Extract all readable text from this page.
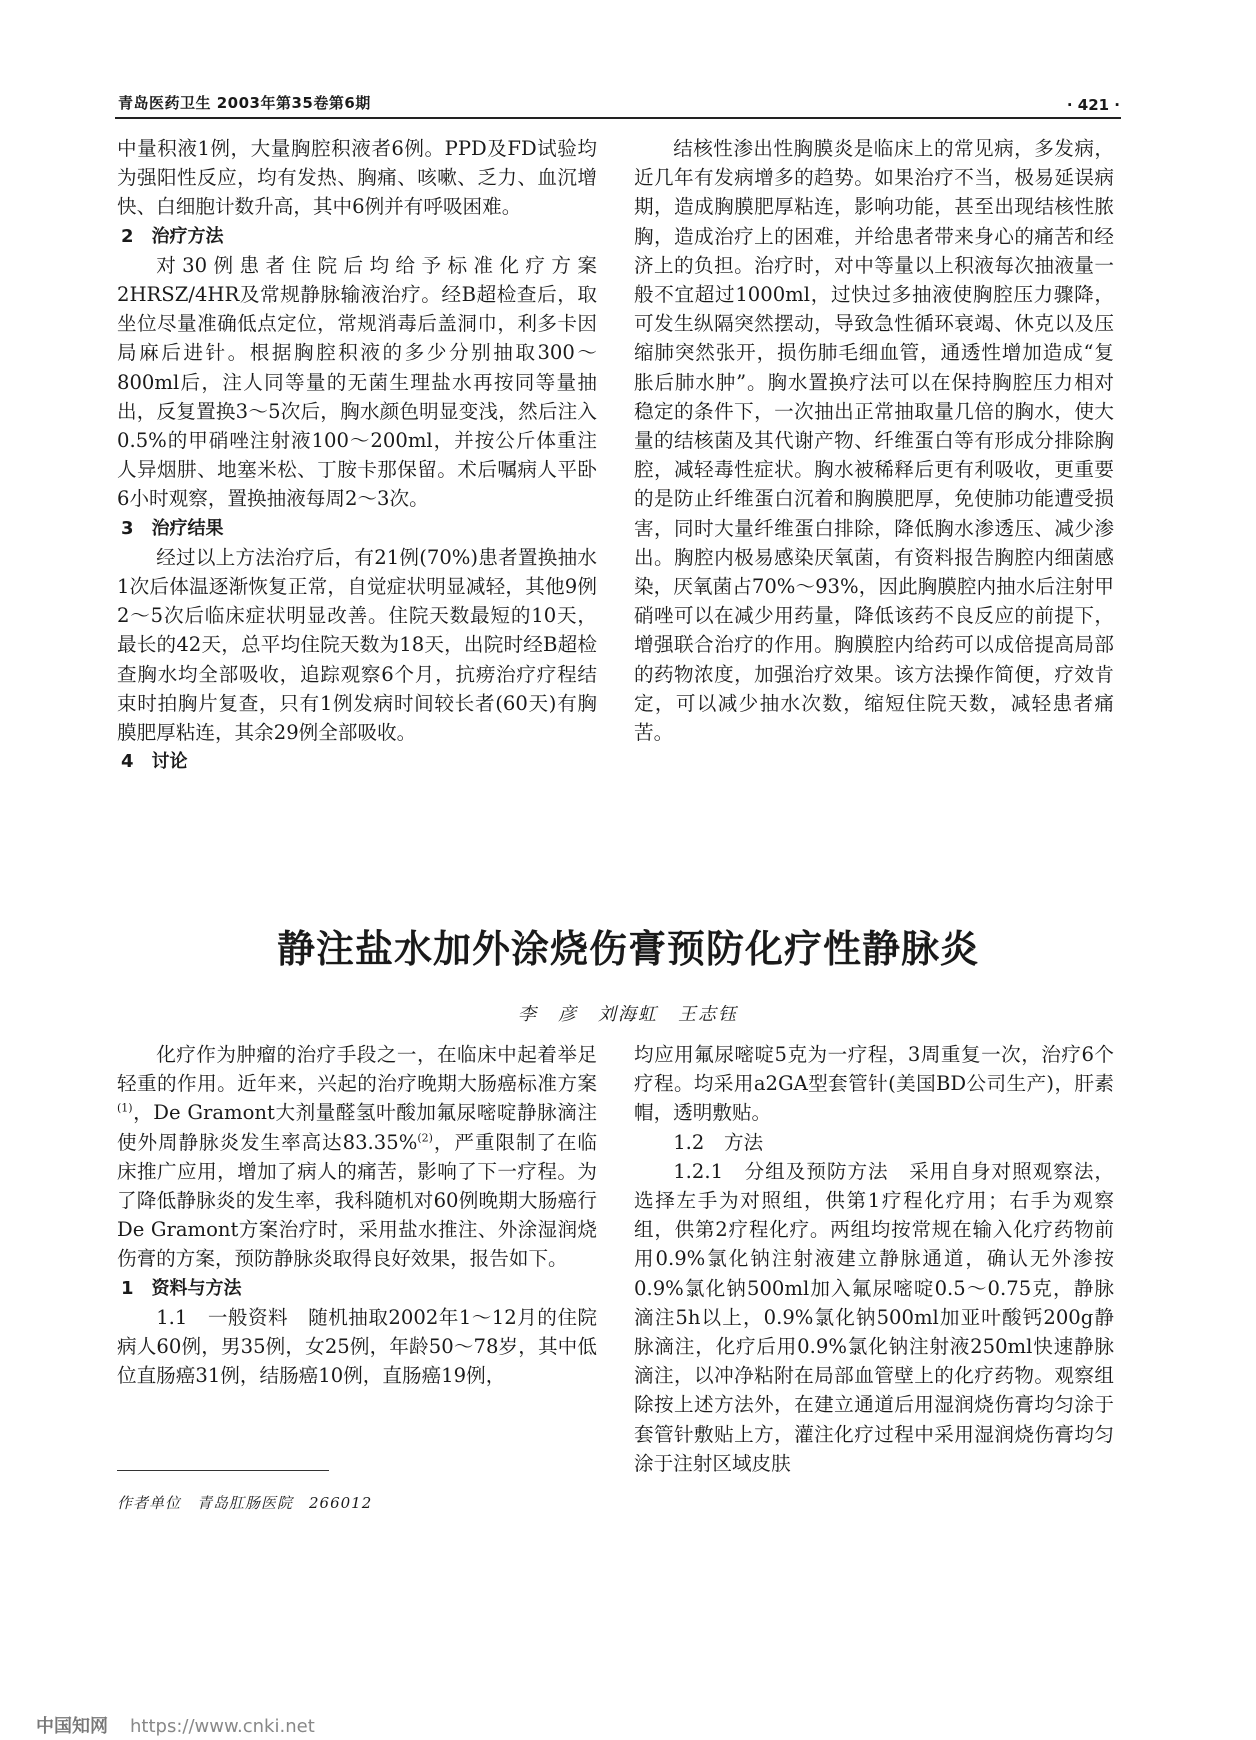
青岛医药卫生 2003年第35卷第6期	· 421 ·

中量积液1例，大量胸腔积液者6例。PPD及FD试验均为强阳性反应，均有发热、胸痛、咳嗽、乏力、血沉增快、白细胞计数升高，其中6例并有呼吸困难。

2　治疗方法

对30例患者住院后均给予标准化疗方案2HRSZ/4HR及常规静脉输液治疗。经B超检查后，取坐位尽量准确低点定位，常规消毒后盖洞巾，利多卡因局麻后进针。根据胸腔积液的多少分别抽取300～800ml后，注人同等量的无菌生理盐水再按同等量抽出，反复置换3～5次后，胸水颜色明显变浅，然后注入0.5%的甲硝唑注射液100～200ml，并按公斤体重注人异烟肼、地塞米松、丁胺卡那保留。术后嘱病人平卧6小时观察，置换抽液每周2～3次。

3　治疗结果

经过以上方法治疗后，有21例(70%)患者置换抽水1次后体温逐渐恢复正常，自觉症状明显减轻，其他9例2～5次后临床症状明显改善。住院天数最短的10天，最长的42天，总平均住院天数为18天，出院时经B超检查胸水均全部吸收，追踪观察6个月，抗痨治疗疗程结束时拍胸片复查，只有1例发病时间较长者(60天)有胸膜肥厚粘连，其余29例全部吸收。

4　讨论

结核性渗出性胸膜炎是临床上的常见病，多发病，近几年有发病增多的趋势。如果治疗不当，极易延误病期，造成胸膜肥厚粘连，影响功能，甚至出现结核性脓胸，造成治疗上的困难，并给患者带来身心的痛苦和经济上的负担。治疗时，对中等量以上积液每次抽液量一般不宜超过1000ml，过快过多抽液使胸腔压力骤降，可发生纵隔突然摆动，导致急性循环衰竭、休克以及压缩肺突然张开，损伤肺毛细血管，通透性增加造成“复胀后肺水肿”。胸水置换疗法可以在保持胸腔压力相对稳定的条件下，一次抽出正常抽取量几倍的胸水，使大量的结核菌及其代谢产物、纤维蛋白等有形成分排除胸腔，减轻毒性症状。胸水被稀释后更有利吸收，更重要的是防止纤维蛋白沉着和胸膜肥厚，免使肺功能遭受损害，同时大量纤维蛋白排除，降低胸水渗透压、减少渗出。胸腔内极易感染厌氧菌，有资料报告胸腔内细菌感染，厌氧菌占70%～93%，因此胸膜腔内抽水后注射甲硝唑可以在减少用药量，降低该药不良反应的前提下，增强联合治疗的作用。胸膜腔内给药可以成倍提高局部的药物浓度，加强治疗效果。该方法操作简便，疗效肯定，可以减少抽水次数，缩短住院天数，减轻患者痛苦。

静注盐水加外涂烧伤膏预防化疗性静脉炎
李　彦　刘海虹　王志钰

化疗作为肿瘤的治疗手段之一，在临床中起着举足轻重的作用。近年来，兴起的治疗晚期大肠癌标准方案$^{(1)}$，De Gramont大剂量醛氢叶酸加氟尿嘧啶静脉滴注使外周静脉炎发生率高达83.35%$^{(2)}$，严重限制了在临床推广应用，增加了病人的痛苦，影响了下一疗程。为了降低静脉炎的发生率，我科随机对60例晚期大肠癌行De Gramont方案治疗时，采用盐水推注、外涂湿润烧伤膏的方案，预防静脉炎取得良好效果，报告如下。

1　资料与方法

1.1　一般资料　随机抽取2002年1～12月的住院病人60例，男35例，女25例，年龄50～78岁，其中低位直肠癌31例，结肠癌10例，直肠癌19例，

均应用氟尿嘧啶5克为一疗程，3周重复一次，治疗6个疗程。均采用a2GA型套管针(美国BD公司生产)，肝素帽，透明敷贴。

1.2　方法

1.2.1　分组及预防方法　采用自身对照观察法，选择左手为对照组，供第1疗程化疗用；右手为观察组，供第2疗程化疗。两组均按常规在输入化疗药物前用0.9%氯化钠注射液建立静脉通道，确认无外渗按0.9%氯化钠500ml加入氟尿嘧啶0.5～0.75克，静脉滴注5h以上，0.9%氯化钠500ml加亚叶酸钙200g静脉滴注，化疗后用0.9%氯化钠注射液250ml快速静脉滴注，以冲净粘附在局部血管壁上的化疗药物。观察组除按上述方法外，在建立通道后用湿润烧伤膏均匀涂于套管针敷贴上方，灌注化疗过程中采用湿润烧伤膏均匀涂于注射区域皮肤

作者单位　青岛肛肠医院　266012
中国知网 https://www.cnki.net
